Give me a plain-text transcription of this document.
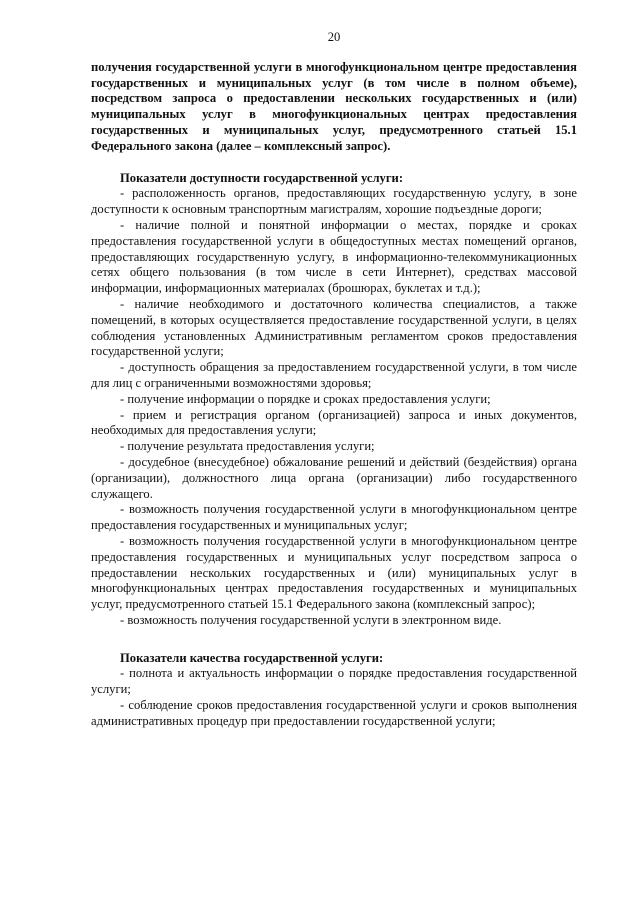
20

получения государственной услуги в многофункциональном центре предоставления государственных и муниципальных услуг (в том числе в полном объеме), посредством запроса о предоставлении нескольких государственных и (или) муниципальных услуг в многофункциональных центрах предоставления государственных и муниципальных услуг, предусмотренного статьей 15.1 Федерального закона (далее – комплексный запрос).

Показатели доступности государственной услуги:

- расположенность органов, предоставляющих государственную услугу, в зоне доступности к основным транспортным магистралям, хорошие подъездные дороги;

- наличие полной и понятной информации о местах, порядке и сроках предоставления государственной услуги в общедоступных местах помещений органов, предоставляющих государственную услугу, в информационно-телекоммуникационных сетях общего пользования (в том числе в сети Интернет), средствах массовой информации, информационных материалах (брошюрах, буклетах и т.д.);

- наличие необходимого и достаточного количества специалистов, а также помещений, в которых осуществляется предоставление государственной услуги, в целях соблюдения установленных Административным регламентом сроков предоставления государственной услуги;

- доступность обращения за предоставлением государственной услуги, в том числе для лиц с ограниченными возможностями здоровья;

- получение информации о порядке и сроках предоставления услуги;

- прием и регистрация органом (организацией) запроса и иных документов, необходимых для предоставления услуги;

- получение результата предоставления услуги;

- досудебное (внесудебное) обжалование решений и действий (бездействия) органа (организации), должностного лица органа (организации) либо государственного служащего.

- возможность получения государственной услуги в многофункциональном центре предоставления государственных и муниципальных услуг;

- возможность получения государственной услуги в многофункциональном центре предоставления государственных и муниципальных услуг посредством запроса о предоставлении нескольких государственных и (или) муниципальных услуг в многофункциональных центрах предоставления государственных и муниципальных услуг, предусмотренного статьей 15.1 Федерального закона (комплексный запрос);

- возможность получения государственной услуги в электронном виде.

Показатели качества государственной услуги:

- полнота и актуальность информации о порядке предоставления государственной услуги;

- соблюдение сроков предоставления государственной услуги и сроков выполнения административных процедур при предоставлении государственной услуги;
